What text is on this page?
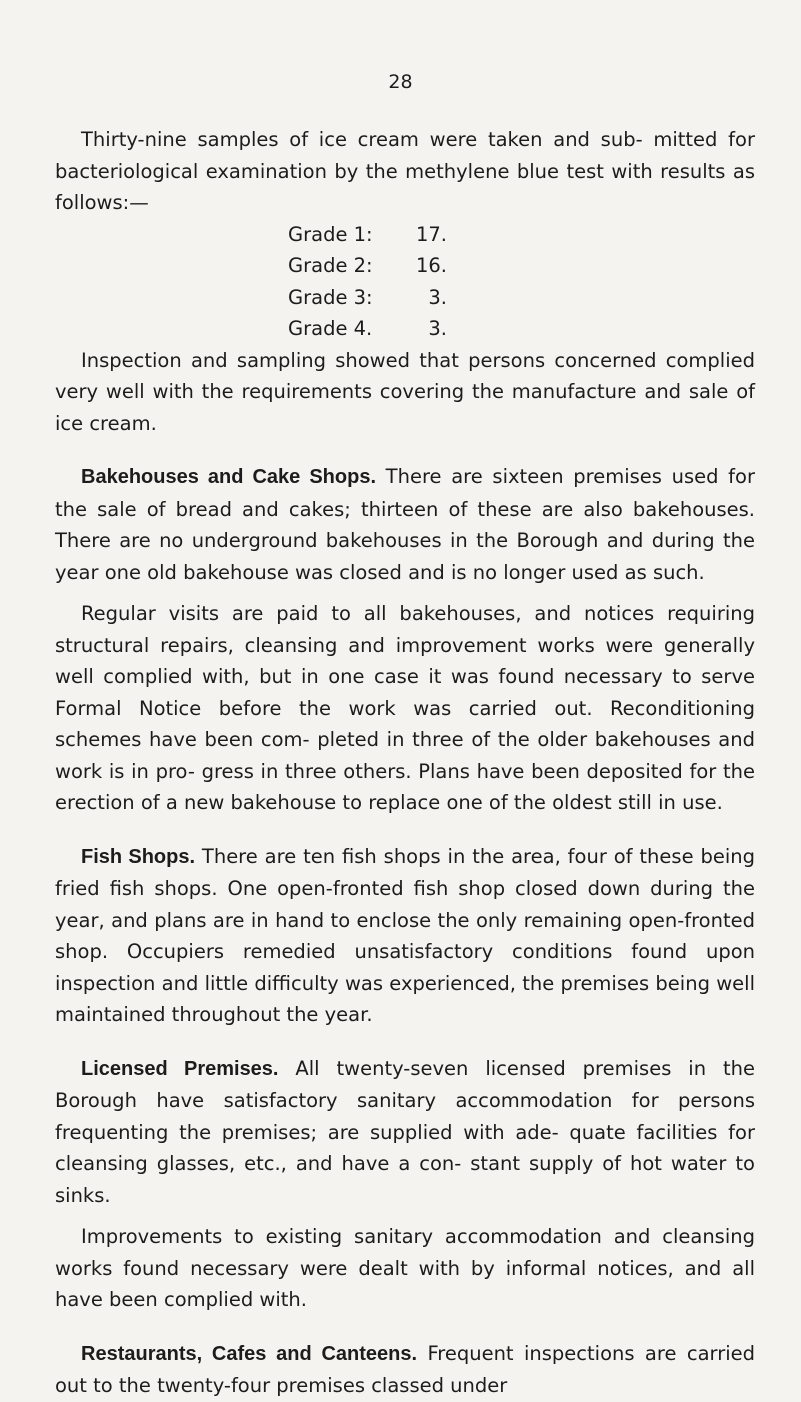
28

Thirty-nine samples of ice cream were taken and sub- mitted for bacteriological examination by the methylene blue test with results as follows:—

Grade 1:	17.
Grade 2:	16.
Grade 3:	3.
Grade 4.	3.

Inspection and sampling showed that persons concerned complied very well with the requirements covering the manufacture and sale of ice cream.

Bakehouses and Cake Shops. There are sixteen premises used for the sale of bread and cakes; thirteen of these are also bakehouses. There are no underground bakehouses in the Borough and during the year one old bakehouse was closed and is no longer used as such.

Regular visits are paid to all bakehouses, and notices requiring structural repairs, cleansing and improvement works were generally well complied with, but in one case it was found necessary to serve Formal Notice before the work was carried out. Reconditioning schemes have been com- pleted in three of the older bakehouses and work is in pro- gress in three others. Plans have been deposited for the erection of a new bakehouse to replace one of the oldest still in use.

Fish Shops. There are ten fish shops in the area, four of these being fried fish shops. One open-fronted fish shop closed down during the year, and plans are in hand to enclose the only remaining open-fronted shop. Occupiers remedied unsatisfactory conditions found upon inspection and little difficulty was experienced, the premises being well maintained throughout the year.

Licensed Premises. All twenty-seven licensed premises in the Borough have satisfactory sanitary accommodation for persons frequenting the premises; are supplied with ade- quate facilities for cleansing glasses, etc., and have a con- stant supply of hot water to sinks.

Improvements to existing sanitary accommodation and cleansing works found necessary were dealt with by informal notices, and all have been complied with.

Restaurants, Cafes and Canteens. Frequent inspections are carried out to the twenty-four premises classed under
